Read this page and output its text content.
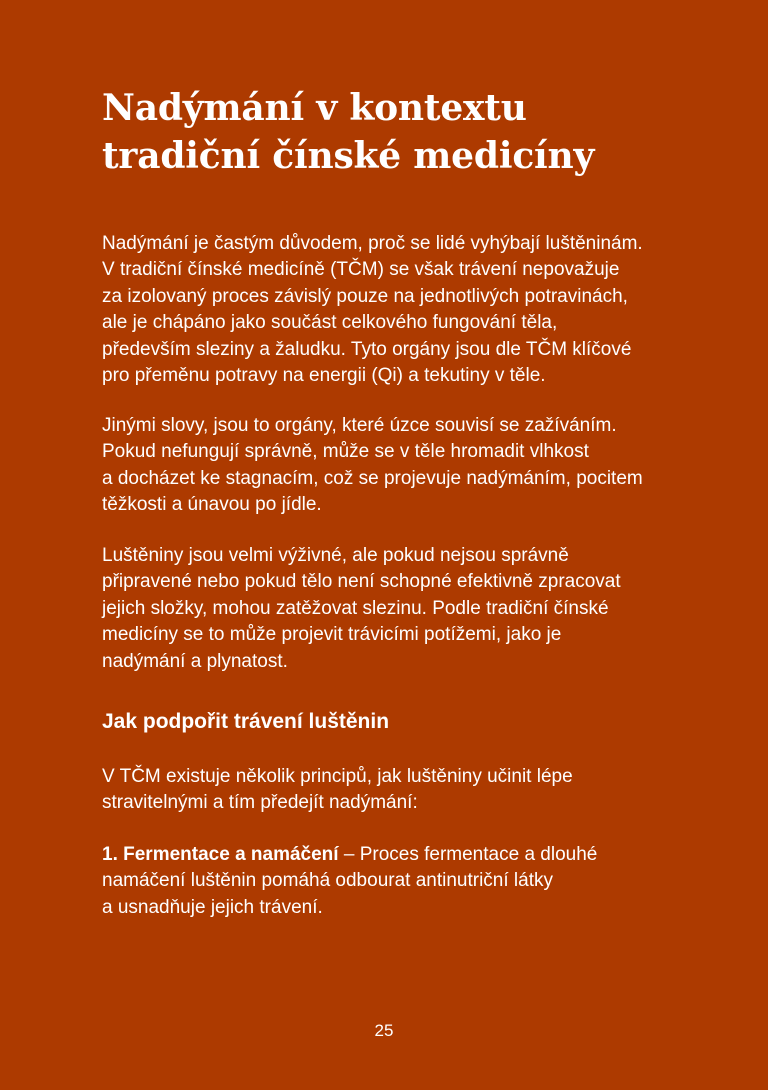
Nadýmání v kontextu
tradiční čínské medicíny

Nadýmání je častým důvodem, proč se lidé vyhýbají luštěninám.
V tradiční čínské medicíně (TČM) se však trávení nepovažuje
za izolovaný proces závislý pouze na jednotlivých potravinách,
ale je chápáno jako součást celkového fungování těla,
především sleziny a žaludku. Tyto orgány jsou dle TČM klíčové
pro přeměnu potravy na energii (Qi) a tekutiny v těle.

Jinými slovy, jsou to orgány, které úzce souvisí se zažíváním.
Pokud nefungují správně, může se v těle hromadit vlhkost
a docházet ke stagnacím, což se projevuje nadýmáním, pocitem
těžkosti a únavou po jídle.

Luštěniny jsou velmi výživné, ale pokud nejsou správně
připravené nebo pokud tělo není schopné efektivně zpracovat
jejich složky, mohou zatěžovat slezinu. Podle tradiční čínské
medicíny se to může projevit trávicími potížemi, jako je
nadýmání a plynatost.

Jak podpořit trávení luštěnin

V TČM existuje několik principů, jak luštěniny učinit lépe
stravitelnými a tím předejít nadýmání:

1. Fermentace a namáčení – Proces fermentace a dlouhé
namáčení luštěnin pomáhá odbourat antinutriční látky
a usnadňuje jejich trávení.

25
